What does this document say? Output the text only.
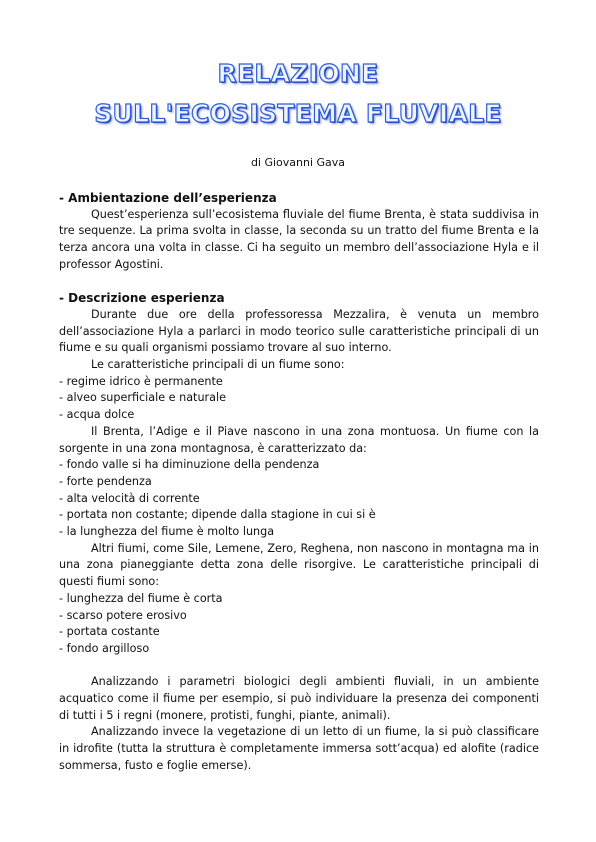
RELAZIONE
SULL'ECOSISTEMA FLUVIALE
di Giovanni Gava

- Ambientazione dell’esperienza

Quest’esperienza sull’ecosistema fluviale del fiume Brenta, è stata suddivisa in tre sequenze. La prima svolta in classe, la seconda su un tratto del fiume Brenta e la terza ancora una volta in classe. Ci ha seguito un membro dell’associazione Hyla e il professor Agostini.

- Descrizione esperienza

Durante due ore della professoressa Mezzalira, è venuta un membro dell’associazione Hyla a parlarci in modo teorico sulle caratteristiche principali di un fiume e su quali organismi possiamo trovare al suo interno.

Le caratteristiche principali di un fiume sono:

- regime idrico è permanente

- alveo superficiale e naturale

- acqua dolce

Il Brenta, l’Adige e il Piave nascono in una zona montuosa. Un fiume con la sorgente in una zona montagnosa, è caratterizzato da:

- fondo valle si ha diminuzione della pendenza

- forte pendenza

- alta velocità di corrente

- portata non costante; dipende dalla stagione in cui si è

- la lunghezza del fiume è molto lunga

Altri fiumi, come Sile, Lemene, Zero, Reghena, non nascono in montagna ma in una zona pianeggiante detta zona delle risorgive. Le caratteristiche principali di questi fiumi sono:

- lunghezza del fiume è corta

- scarso potere erosivo

- portata costante

- fondo argilloso

Analizzando i parametri biologici degli ambienti fluviali, in un ambiente acquatico come il fiume per esempio, si può individuare la presenza dei componenti di tutti i 5 i regni (monere, protisti, funghi, piante, animali).

Analizzando invece la vegetazione di un letto di un fiume, la si può classificare in idrofite (tutta la struttura è completamente immersa sott’acqua) ed alofite (radice sommersa, fusto e foglie emerse).
